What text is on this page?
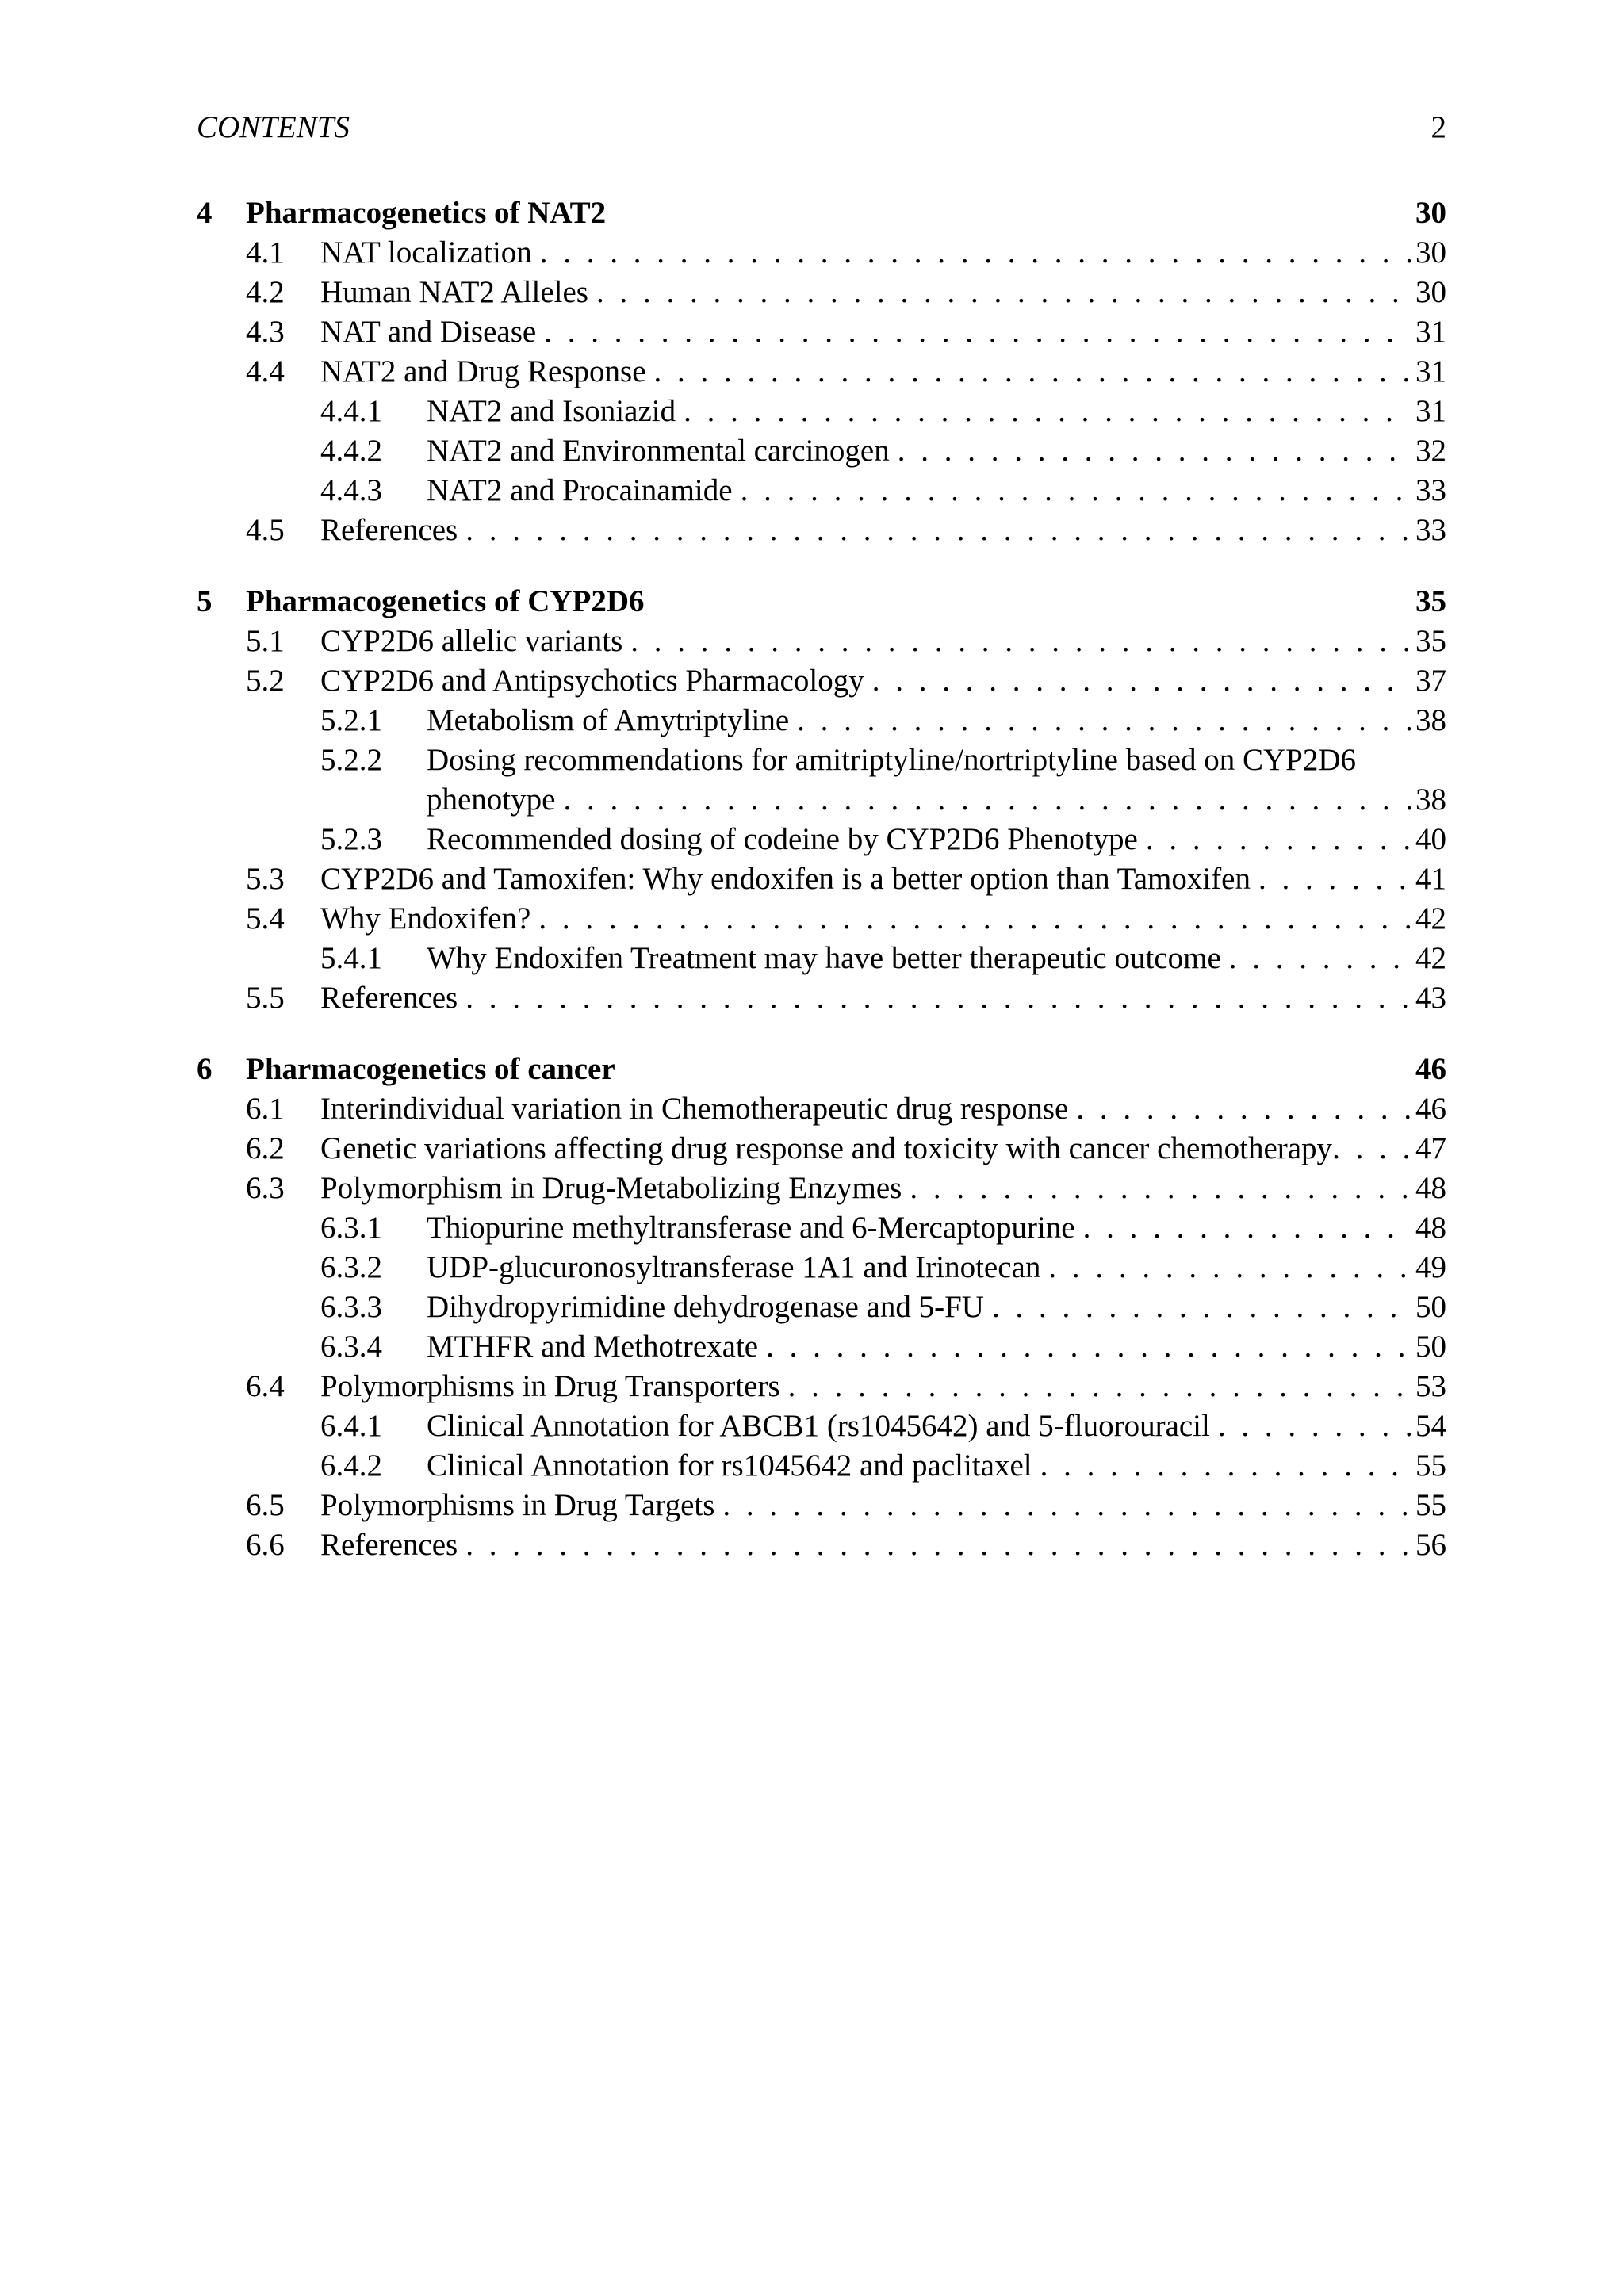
CONTENTS	2
4 Pharmacogenetics of NAT2	30
4.1 NAT localization . . .	30
4.2 Human NAT2 Alleles . . .	30
4.3 NAT and Disease . . .	31
4.4 NAT2 and Drug Response . . .	31
4.4.1 NAT2 and Isoniazid . . .	31
4.4.2 NAT2 and Environmental carcinogen . . .	32
4.4.3 NAT2 and Procainamide . . .	33
4.5 References . . .	33
5 Pharmacogenetics of CYP2D6	35
5.1 CYP2D6 allelic variants . . .	35
5.2 CYP2D6 and Antipsychotics Pharmacology . . .	37
5.2.1 Metabolism of Amytriptyline . . .	38
5.2.2 Dosing recommendations for amitriptyline/nortriptyline based on CYP2D6
phenotype . . .	38
5.2.3 Recommended dosing of codeine by CYP2D6 Phenotype . . .	40
5.3 CYP2D6 and Tamoxifen: Why endoxifen is a better option than Tamoxifen . . .	41
5.4 Why Endoxifen? . . .	42
5.4.1 Why Endoxifen Treatment may have better therapeutic outcome . . .	42
5.5 References . . .	43
6 Pharmacogenetics of cancer	46
6.1 Interindividual variation in Chemotherapeutic drug response . . .	46
6.2 Genetic variations affecting drug response and toxicity with cancer chemotherapy . . .	47
6.3 Polymorphism in Drug-Metabolizing Enzymes . . .	48
6.3.1 Thiopurine methyltransferase and 6-Mercaptopurine . . .	48
6.3.2 UDP-glucuronosyltransferase 1A1 and Irinotecan . . .	49
6.3.3 Dihydropyrimidine dehydrogenase and 5-FU . . .	50
6.3.4 MTHFR and Methotrexate . . .	50
6.4 Polymorphisms in Drug Transporters . . .	53
6.4.1 Clinical Annotation for ABCB1 (rs1045642) and 5-fluorouracil . . .	54
6.4.2 Clinical Annotation for rs1045642 and paclitaxel . . .	55
6.5 Polymorphisms in Drug Targets . . .	55
6.6 References . . .	56
